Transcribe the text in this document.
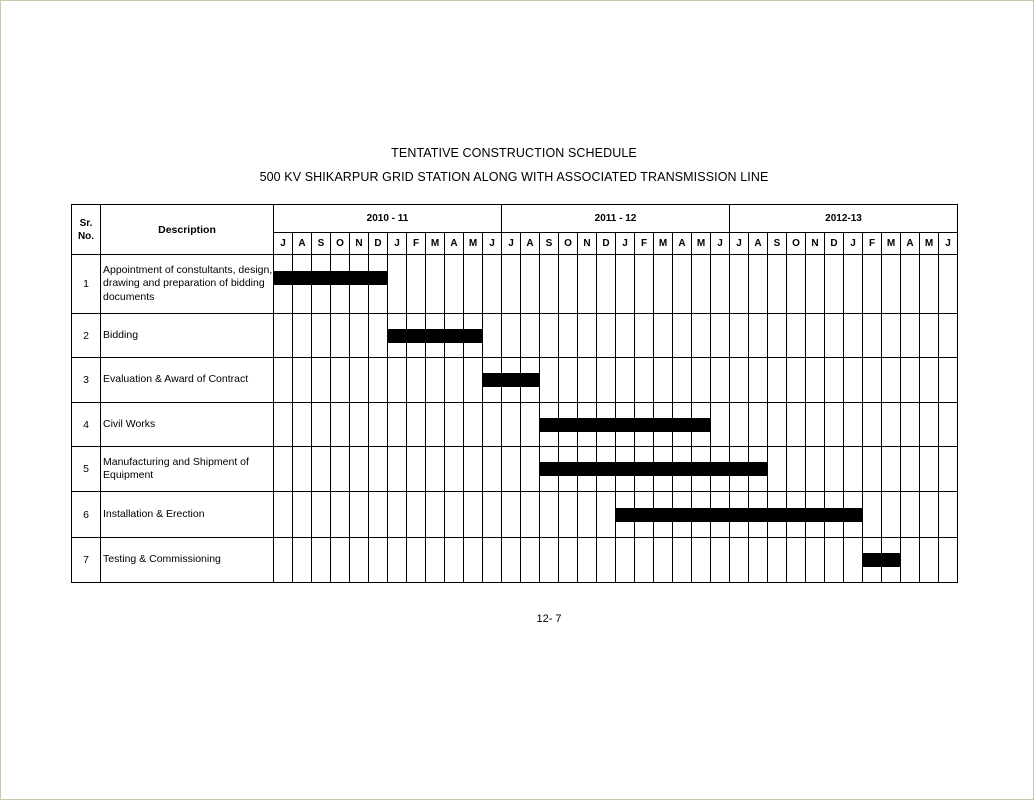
TENTATIVE CONSTRUCTION SCHEDULE
500 KV SHIKARPUR GRID STATION ALONG WITH ASSOCIATED TRANSMISSION LINE
Sr. No.	Description	2010 - 11												2011 - 12												2012-13											
		J	A	S	O	N	D	J	F	M	A	M	J	J	A	S	O	N	D	J	F	M	A	M	J	J	A	S	O	N	D	J	F	M	A	M	J
1	Appointment of constultants, design, drawing and preparation of bidding documents																																				
2	Bidding																																				
3	Evaluation & Award of Contract																																				
4	Civil Works																																				
5	Manufacturing and Shipment of Equipment																																				
6	Installation & Erection																																				
7	Testing & Commissioning																																				
12- 7
